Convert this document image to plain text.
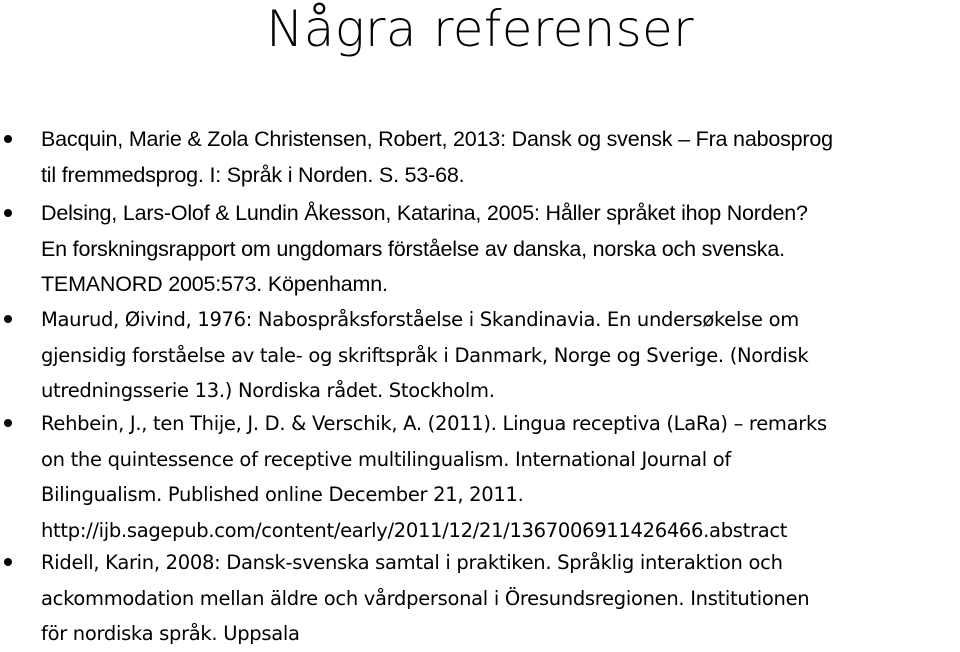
Några referenser
Bacquin, Marie & Zola Christensen, Robert, 2013: Dansk og svensk – Fra nabosprog
til fremmedsprog. I: Språk i Norden. S. 53-68.
Delsing, Lars-Olof & Lundin Åkesson, Katarina, 2005: Håller språket ihop Norden?
En forskningsrapport om ungdomars förståelse av danska, norska och svenska.
TEMANORD 2005:573. Köpenhamn.
Maurud, Øivind, 1976: Nabospråksforståelse i Skandinavia. En undersøkelse om
gjensidig forståelse av tale- og skriftspråk i Danmark, Norge og Sverige. (Nordisk
utredningsserie 13.) Nordiska rådet. Stockholm.
Rehbein, J., ten Thije, J. D. & Verschik, A. (2011). Lingua receptiva (LaRa) – remarks
on the quintessence of receptive multilingualism. International Journal of
Bilingualism. Published online December 21, 2011.
http://ijb.sagepub.com/content/early/2011/12/21/1367006911426466.abstract
Ridell, Karin, 2008: Dansk-svenska samtal i praktiken. Språklig interaktion och
ackommodation mellan äldre och vårdpersonal i Öresundsregionen. Institutionen
för nordiska språk. Uppsala
